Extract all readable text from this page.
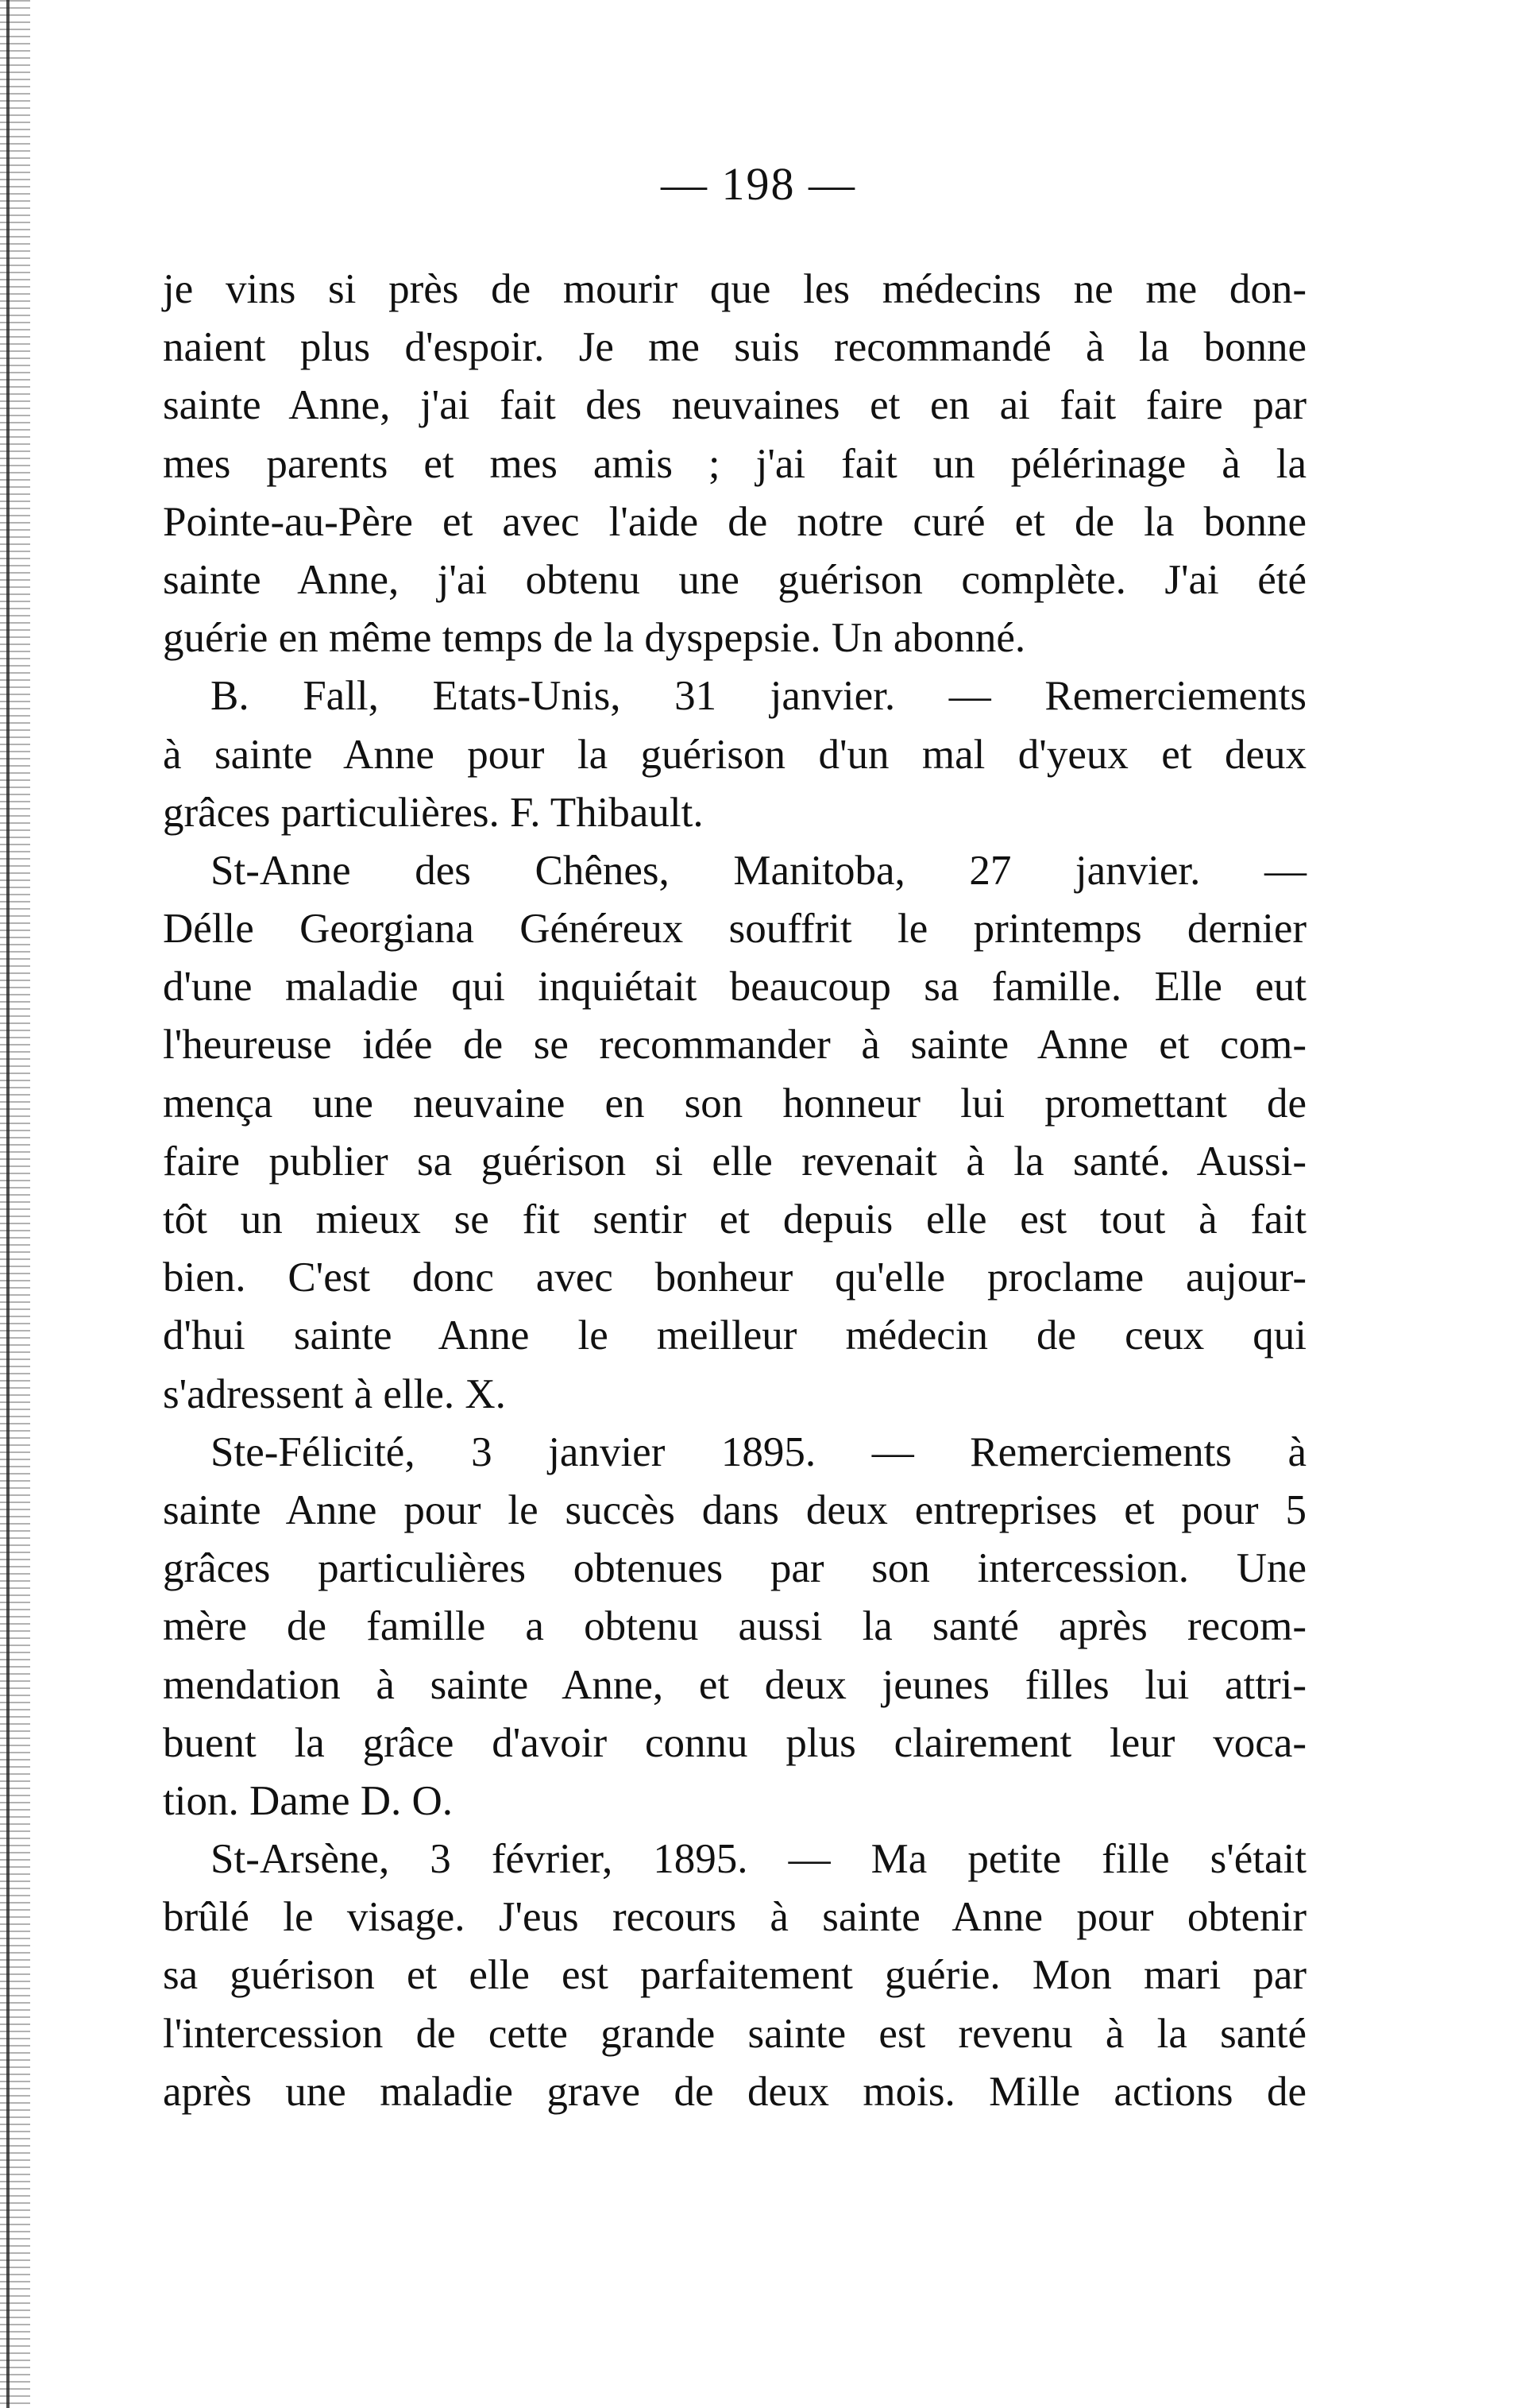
— 198 —
je vins si près de mourir que les médecins ne me don-
naient plus d'espoir. Je me suis recommandé à la bonne
sainte Anne, j'ai fait des neuvaines et en ai fait faire par
mes parents et mes amis ; j'ai fait un pélérinage à la
Pointe-au-Père et avec l'aide de notre curé et de la bonne
sainte Anne, j'ai obtenu une guérison complète. J'ai été
guérie en même temps de la dyspepsie. Un abonné.
B. Fall, Etats-Unis, 31 janvier. — Remerciements
à sainte Anne pour la guérison d'un mal d'yeux et deux
grâces particulières. F. Thibault.
St-Anne des Chênes, Manitoba, 27 janvier. —
Délle Georgiana Généreux souffrit le printemps dernier
d'une maladie qui inquiétait beaucoup sa famille. Elle eut
l'heureuse idée de se recommander à sainte Anne et com-
mença une neuvaine en son honneur lui promettant de
faire publier sa guérison si elle revenait à la santé. Aussi-
tôt un mieux se fit sentir et depuis elle est tout à fait
bien. C'est donc avec bonheur qu'elle proclame aujour-
d'hui sainte Anne le meilleur médecin de ceux qui
s'adressent à elle. X.
Ste-Félicité, 3 janvier 1895. — Remerciements à
sainte Anne pour le succès dans deux entreprises et pour 5
grâces particulières obtenues par son intercession. Une
mère de famille a obtenu aussi la santé après recom-
mendation à sainte Anne, et deux jeunes filles lui attri-
buent la grâce d'avoir connu plus clairement leur voca-
tion. Dame D. O.
St-Arsène, 3 février, 1895. — Ma petite fille s'était
brûlé le visage. J'eus recours à sainte Anne pour obtenir
sa guérison et elle est parfaitement guérie. Mon mari par
l'intercession de cette grande sainte est revenu à la santé
après une maladie grave de deux mois. Mille actions de
